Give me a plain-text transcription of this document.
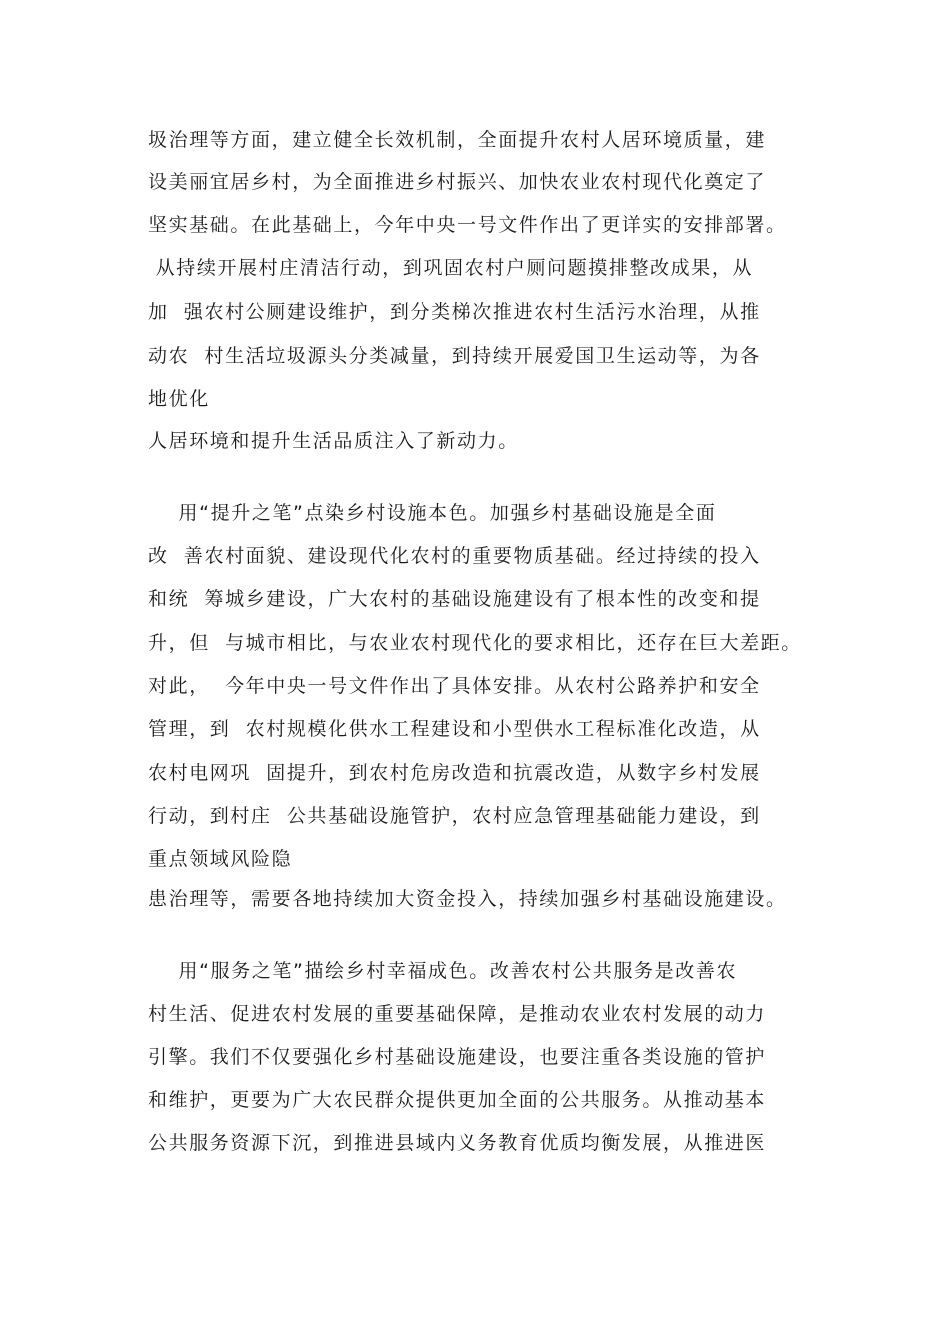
圾治理等方面，建立健全长效机制，全面提升农村人居环境质量，建
设美丽宜居乡村，为全面推进乡村振兴、加快农业农村现代化奠定了
坚实基础。在此基础上，今年中央一号文件作出了更详实的安排部署。
从持续开展村庄清洁行动，到巩固农村户厕问题摸排整改成果，从
加  强农村公厕建设维护，到分类梯次推进农村生活污水治理，从推
动农  村生活垃圾源头分类减量，到持续开展爱国卫生运动等，为各
地优化
人居环境和提升生活品质注入了新动力。
用“提升之笔”点染乡村设施本色。加强乡村基础设施是全面
改  善农村面貌、建设现代化农村的重要物质基础。经过持续的投入
和统  筹城乡建设，广大农村的基础设施建设有了根本性的改变和提
升，但  与城市相比，与农业农村现代化的要求相比，还存在巨大差距。
对此，  今年中央一号文件作出了具体安排。从农村公路养护和安全
管理，到  农村规模化供水工程建设和小型供水工程标准化改造，从
农村电网巩  固提升，到农村危房改造和抗震改造，从数字乡村发展
行动，到村庄  公共基础设施管护，农村应急管理基础能力建设，到
重点领域风险隐
患治理等，需要各地持续加大资金投入，持续加强乡村基础设施建设。
用“服务之笔”描绘乡村幸福成色。改善农村公共服务是改善农
村生活、促进农村发展的重要基础保障，是推动农业农村发展的动力
引擎。我们不仅要强化乡村基础设施建设，也要注重各类设施的管护
和维护，更要为广大农民群众提供更加全面的公共服务。从推动基本
公共服务资源下沉，到推进县域内义务教育优质均衡发展，从推进医
